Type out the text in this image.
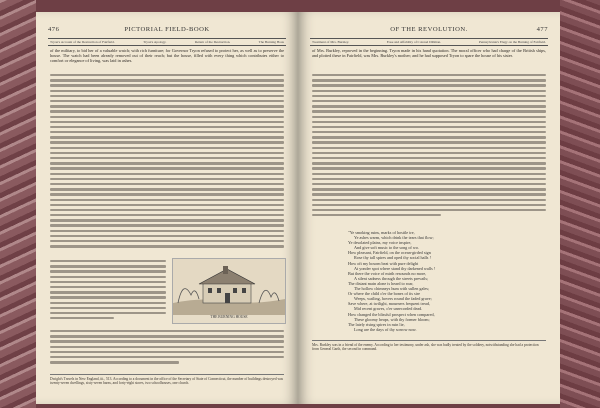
476	PICTORIAL FIELD-BOOK
Tryon's Account of the Destruction of Fairfield.	Tryon's Apology.	Return of the Destruction.	The Burning Hous
of the military, to bid her of a valuable watch; with rich furniture; for Governor Tryon refused to protect her, as well as to preserve the house. The watch had been already removed out of their reach; but the house, filled with every thing which contributes either to comfort or elegance of living, was laid in ashes.
THE BURNING HOUSE
Dwight's Travels in New England, iii., 513. According to a document in the office of the Secretary of State of Connecticut, the number of buildings destroyed was twenty-seven dwellings, sixty-seven barns, and forty-eight stores, two schoolhouses, one church.
OF THE REVOLUTION.	477
Treatment of Mrs. Burnley.	Ease and Affability of Colonel Dillman.	Pennsylvania's Elegy on the Burning of Fairfield.
of Mrs. Burkley, reproved in the beginning. Tryon made in his hand quotation. The moral officer who had charge of the British ships, and plotted these in Fairfield, was Mrs. Burkley's mother; and he had supposed Tryon to spare the house of his sister.
"Ye smoking ruins, marks of hostile ire,
Ye ashes warm, which drink the tears that flow;
Ye desolated plains, my voice inspire,
And give soft music to the song of wo.
How pleasant, Fairfield, on the ocean-girded sign
Rose thy tall spires and oped thy social halls !
How oft my bosom beat with pure delight
At yonder spot where stand thy darkened walls !
But there the voice of mirth resounds no more,
A silent sadness through the streets prevails;
The distant main alone is heard to roar,
The hollow chimneys hum with sullen gales;
Or where the child o'er the bones of its sire
Weeps, wailing, hovers round the faded grave;
Save where, at twilight, mourners frequent tread,
Mid recent graves, o'er unrecorded dead.
How changed the blissful prospect when compared,
These gloomy heaps, with thy former bloom;
The lately rising spires in ruin lie,
Long are the days of thy sorrow now.
Mrs. Burkley was in a friend of the enemy. According to her testimony, under ash, she was badly treated by the soldiery, notwithstanding she had a protection from General Garth, the second in command.
